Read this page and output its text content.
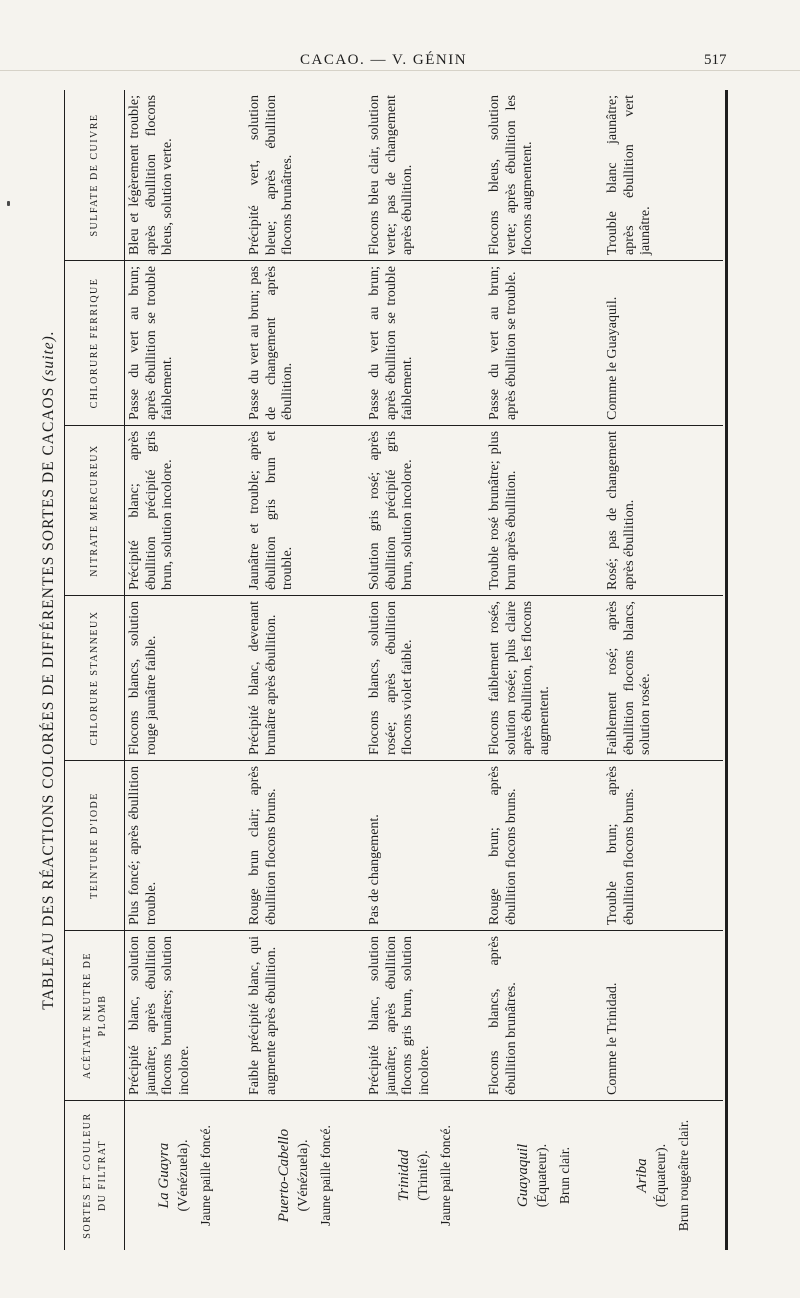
CACAO. — V. GÉNIN	517
TABLEAU DES RÉACTIONS COLORÉES DE DIFFÉRENTES SORTES DE CACAOS (suite).
SORTES ET COULEUR DU FILTRAT
ACÉTATE NEUTRE DE PLOMB
TEINTURE D'IODE
CHLORURE STANNEUX
NITRATE MERCUREUX
CHLORURE FERRIQUE
SULFATE DE CUIVRE
La Guayra (Vénézuela). Jaune paille foncé.
Précipité blanc, solution jaunâtre; après ébullition flocons brunâtres; solution incolore.
Plus foncé; après ébullition trouble.
Flocons blancs, solution rouge jaunâtre faible.
Précipité blanc; après ébullition précipité gris brun, solution incolore.
Passe du vert au brun; après ébullition se trouble faiblement.
Bleu et légèrement trouble; après ébullition flocons bleus, solution verte.
Puerto-Cabello (Vénézuela). Jaune paille foncé.
Faible précipité blanc, qui augmente après ébullition.
Rouge brun clair; après ébullition flocons bruns.
Précipité blanc, devenant brunâtre après ébullition.
Jaunâtre et trouble; après ébullition gris brun et trouble.
Passe du vert au brun; pas de changement après ébullition.
Précipité vert, solution bleue; après ébullition flocons brunâtres.
Trinidad (Trinité). Jaune paille foncé.
Précipité blanc, solution jaunâtre; après ébullition flocons gris brun, solution incolore.
Pas de changement.
Flocons blancs, solution rosée; après ébullition flocons violet faible.
Solution gris rosé; après ébullition précipité gris brun, solution incolore.
Passe du vert au brun; après ébullition se trouble faiblement.
Flocons bleu clair, solution verte; pas de changement après ébullition.
Guayaquil (Équateur). Brun clair.
Flocons blancs, après ébullition brunâtres.
Rouge brun; après ébullition flocons bruns.
Flocons faiblement rosés, solution rosée; plus claire après ébullition, les flocons augmentent.
Trouble rosé brunâtre; plus brun après ébullition.
Passe du vert au brun; après ébullition se trouble.
Flocons bleus, solution verte; après ébullition les flocons augmentent.
Ariba (Équateur). Brun rougeâtre clair.
Comme le Trinidad.
Trouble brun; après ébullition flocons bruns.
Faiblement rosé; après ébullition flocons blancs, solution rosée.
Rosé; pas de changement après ébullition.
Comme le Guayaquil.
Trouble blanc jaunâtre; après ébullition vert jaunâtre.
